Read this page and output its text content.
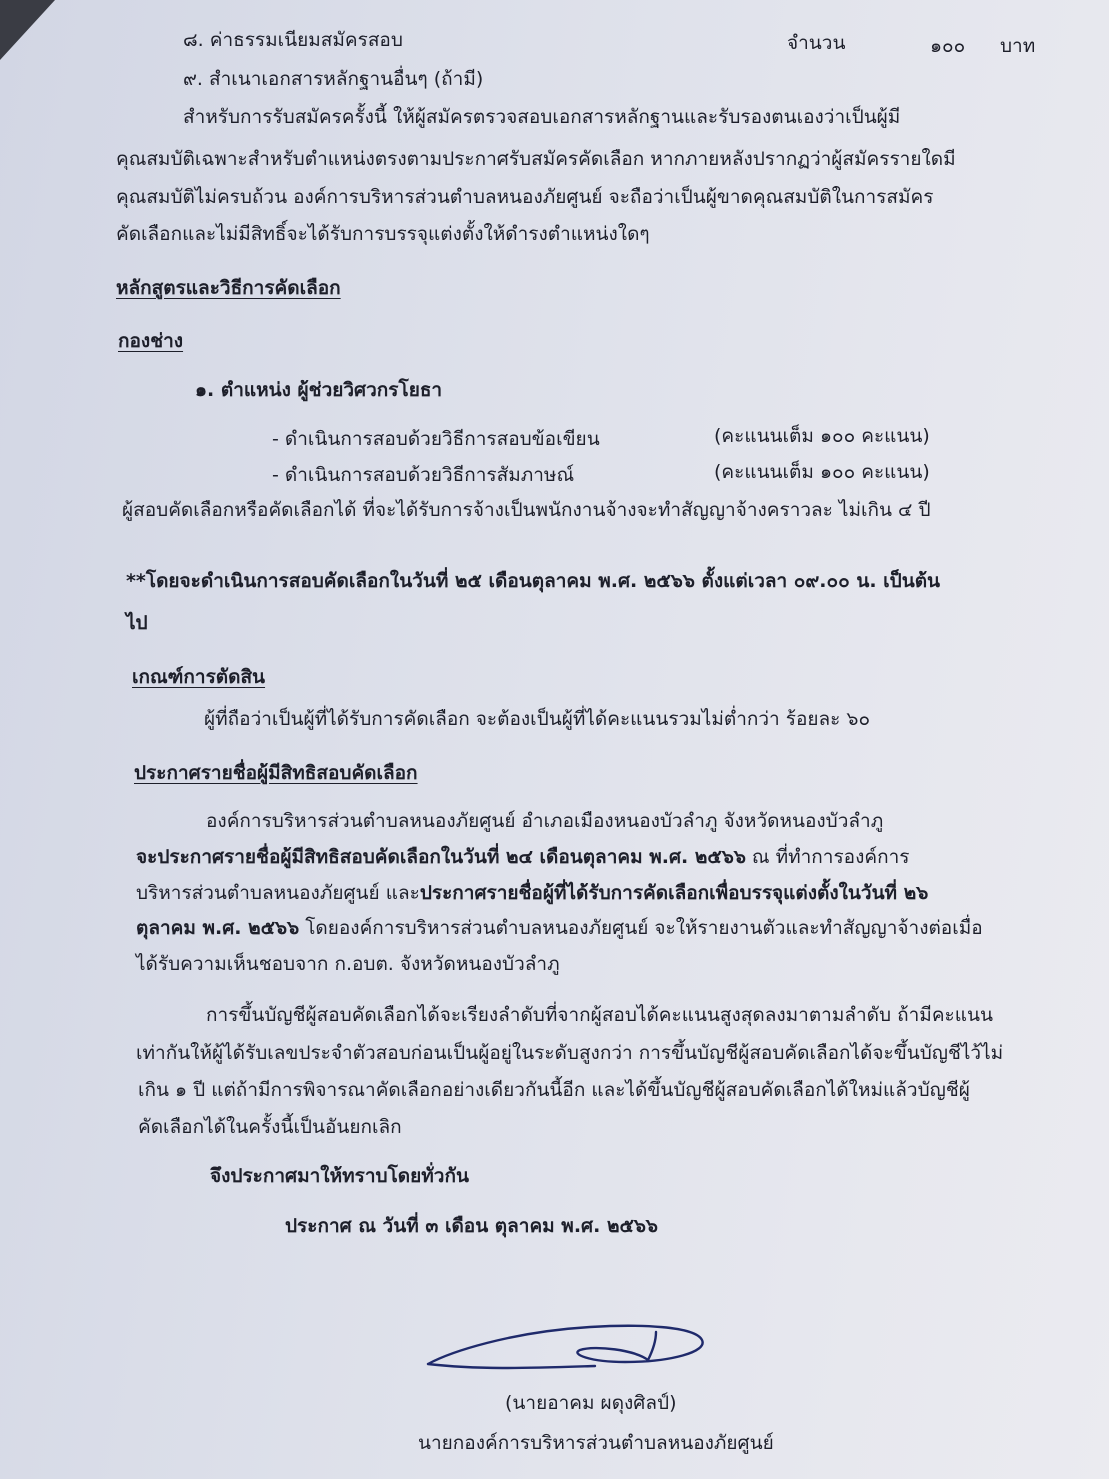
๘. ค่าธรรมเนียมสมัครสอบ	จำนวน	๑๐๐ บาท
๙. สำเนาเอกสารหลักฐานอื่นๆ (ถ้ามี)
สำหรับการรับสมัครครั้งนี้ ให้ผู้สมัครตรวจสอบเอกสารหลักฐานและรับรองตนเองว่าเป็นผู้มี
คุณสมบัติเฉพาะสำหรับตำแหน่งตรงตามประกาศรับสมัครคัดเลือก หากภายหลังปรากฏว่าผู้สมัครรายใดมี
คุณสมบัติไม่ครบถ้วน องค์การบริหารส่วนตำบลหนองภัยศูนย์ จะถือว่าเป็นผู้ขาดคุณสมบัติในการสมัคร
คัดเลือกและไม่มีสิทธิ์จะได้รับการบรรจุแต่งตั้งให้ดำรงตำแหน่งใดๆ
หลักสูตรและวิธีการคัดเลือก
กองช่าง
๑. ตำแหน่ง ผู้ช่วยวิศวกรโยธา
- ดำเนินการสอบด้วยวิธีการสอบข้อเขียน	(คะแนนเต็ม ๑๐๐ คะแนน)
- ดำเนินการสอบด้วยวิธีการสัมภาษณ์	(คะแนนเต็ม ๑๐๐ คะแนน)
ผู้สอบคัดเลือกหรือคัดเลือกได้ ที่จะได้รับการจ้างเป็นพนักงานจ้างจะทำสัญญาจ้างคราวละ ไม่เกิน ๔ ปี
**โดยจะดำเนินการสอบคัดเลือกในวันที่ ๒๕ เดือนตุลาคม พ.ศ. ๒๕๖๖ ตั้งแต่เวลา ๐๙.๐๐ น. เป็นต้น
ไป
เกณฑ์การตัดสิน
ผู้ที่ถือว่าเป็นผู้ที่ได้รับการคัดเลือก จะต้องเป็นผู้ที่ได้คะแนนรวมไม่ต่ำกว่า ร้อยละ ๖๐
ประกาศรายชื่อผู้มีสิทธิสอบคัดเลือก
องค์การบริหารส่วนตำบลหนองภัยศูนย์ อำเภอเมืองหนองบัวลำภู จังหวัดหนองบัวลำภู
จะประกาศรายชื่อผู้มีสิทธิสอบคัดเลือกในวันที่ ๒๔ เดือนตุลาคม พ.ศ. ๒๕๖๖ ณ ที่ทำการองค์การ
บริหารส่วนตำบลหนองภัยศูนย์ และประกาศรายชื่อผู้ที่ได้รับการคัดเลือกเพื่อบรรจุแต่งตั้งในวันที่ ๒๖
ตุลาคม พ.ศ. ๒๕๖๖ โดยองค์การบริหารส่วนตำบลหนองภัยศูนย์ จะให้รายงานตัวและทำสัญญาจ้างต่อเมื่อ
ได้รับความเห็นชอบจาก ก.อบต. จังหวัดหนองบัวลำภู
การขึ้นบัญชีผู้สอบคัดเลือกได้จะเรียงลำดับที่จากผู้สอบได้คะแนนสูงสุดลงมาตามลำดับ ถ้ามีคะแนน
เท่ากันให้ผู้ได้รับเลขประจำตัวสอบก่อนเป็นผู้อยู่ในระดับสูงกว่า การขึ้นบัญชีผู้สอบคัดเลือกได้จะขึ้นบัญชีไว้ไม่
เกิน ๑ ปี แต่ถ้ามีการพิจารณาคัดเลือกอย่างเดียวกันนี้อีก และได้ขึ้นบัญชีผู้สอบคัดเลือกได้ใหม่แล้วบัญชีผู้
คัดเลือกได้ในครั้งนี้เป็นอันยกเลิก
จึงประกาศมาให้ทราบโดยทั่วกัน
ประกาศ ณ วันที่ ๓ เดือน ตุลาคม พ.ศ. ๒๕๖๖
(นายอาคม ผดุงศิลป์)
นายกองค์การบริหารส่วนตำบลหนองภัยศูนย์
